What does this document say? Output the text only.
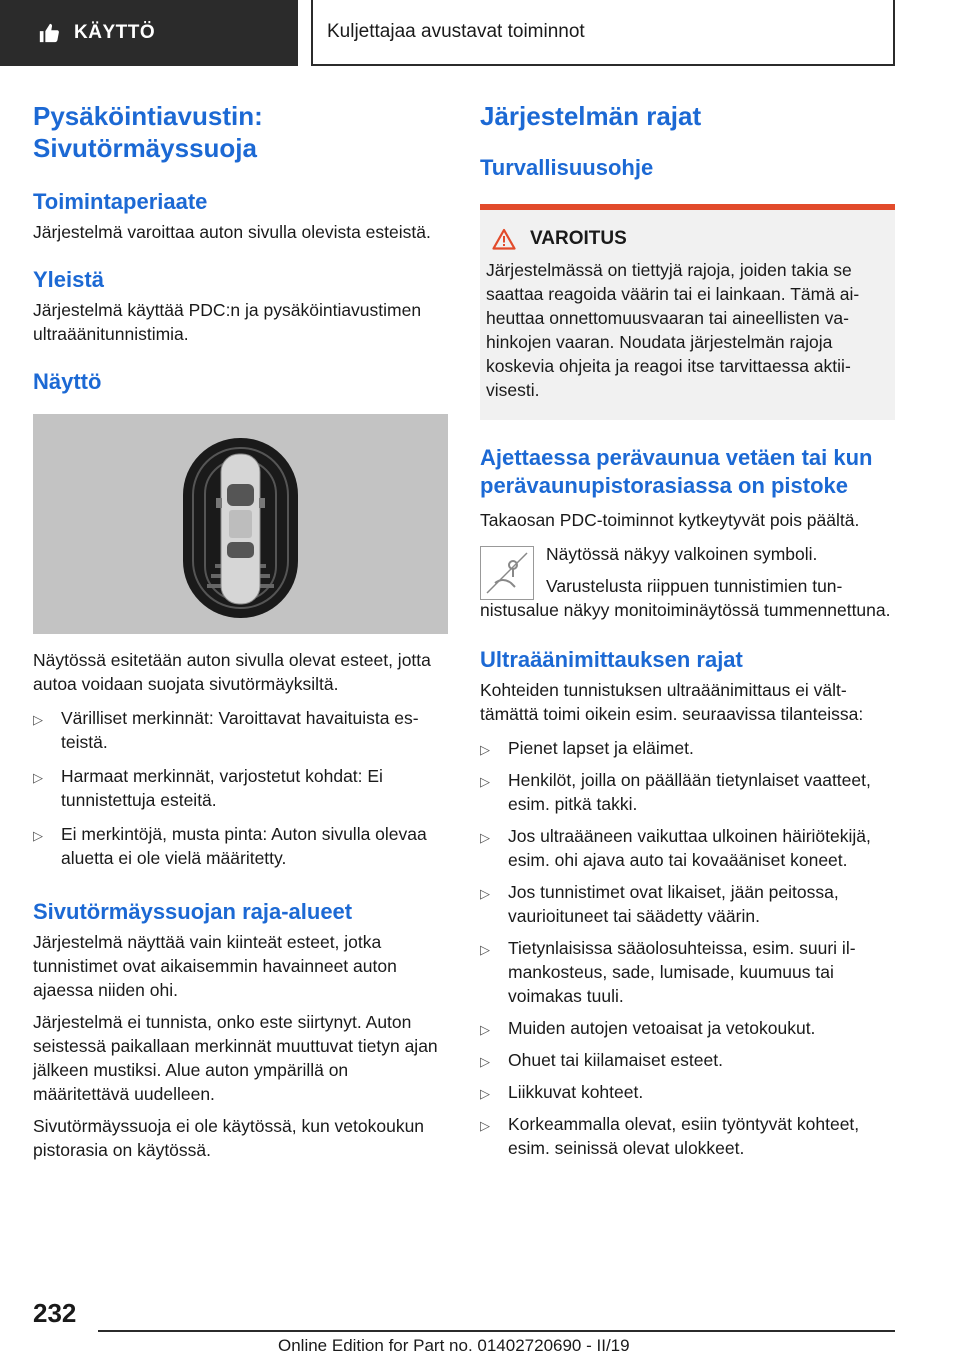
KÄYTTÖ	Kuljettajaa avustavat toiminnot
Pysäköintiavustin: Sivutörmäyssuoja
Toimintaperiaate

Järjestelmä varoittaa auton sivulla olevista esteistä.

Yleistä

Järjestelmä käyttää PDC:n ja pysäköintiavustimen ultraäänitunnistimia.

Näyttö

Näytössä esitetään auton sivulla olevat esteet, jotta autoa voidaan suojata sivutörmäyksiltä.

▷ Värilliset merkinnät: Varoittavat havaituista esteistä.
▷ Harmaat merkinnät, varjostetut kohdat: Ei tunnistettuja esteitä.
▷ Ei merkintöjä, musta pinta: Auton sivulla olevaa aluetta ei ole vielä määritetty.
Sivutörmäyssuojan raja-alueet

Järjestelmä näyttää vain kiinteät esteet, jotka tunnistimet ovat aikaisemmin havainneet auton ajaessa niiden ohi.

Järjestelmä ei tunnista, onko este siirtynyt. Auton seistessä paikallaan merkinnät muuttuvat tietyn ajan jälkeen mustiksi. Alue auton ympärillä on määritettävä uudelleen.

Sivutörmäyssuoja ei ole käytössä, kun vetokoukun pistorasia on käytössä.

Järjestelmän rajat
Turvallisuusohje
VAROITUS

Järjestelmässä on tiettyjä rajoja, joiden takia se saattaa reagoida väärin tai ei lainkaan. Tämä aiheuttaa onnettomuusvaaran tai aineellisten vahinkojen vaaran. Noudata järjestelmän rajoja koskevia ohjeita ja reagoi itse tarvittaessa aktiivisesti.

Ajettaessa perävaunua vetäen tai kun perävaunupistorasiassa on pistoke

Takaosan PDC-toiminnot kytkeytyvät pois päältä.

Näytössä näkyy valkoinen symboli.

Varustelusta riippuen tunnistimien tunnistusalue näkyy monitoiminäytössä tummennettuna.

Ultraäänimittauksen rajat

Kohteiden tunnistuksen ultraäänimittaus ei välttämättä toimi oikein esim. seuraavissa tilanteissa:

▷ Pienet lapset ja eläimet.
▷ Henkilöt, joilla on päällään tietynlaiset vaatteet, esim. pitkä takki.
▷ Jos ultraääneen vaikuttaa ulkoinen häiriötekijä, esim. ohi ajava auto tai kovaääniset koneet.
▷ Jos tunnistimet ovat likaiset, jään peitossa, vaurioituneet tai säädetty väärin.
▷ Tietynlaisissa sääolosuhteissa, esim. suuri ilmankosteus, sade, lumisade, kuumuus tai voimakas tuuli.
▷ Muiden autojen vetoaisat ja vetokoukut.
▷ Ohuet tai kiilamaiset esteet.
▷ Liikkuvat kohteet.
▷ Korkeammalla olevat, esiin työntyvät kohteet, esim. seinissä olevat ulokkeet.
232
Online Edition for Part no. 01402720690 - II/19
